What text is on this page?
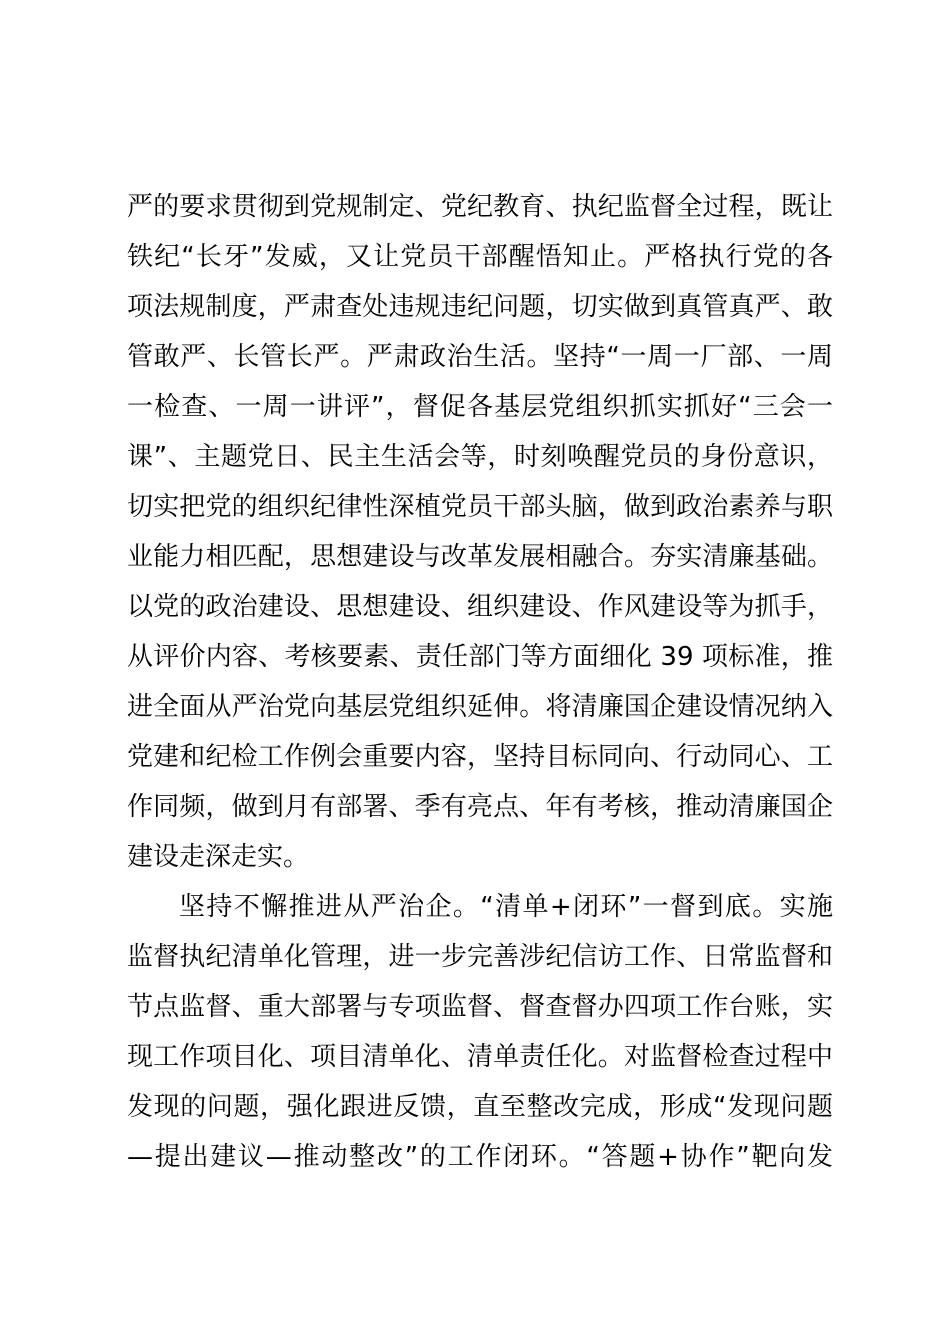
严的要求贯彻到党规制定、党纪教育、执纪监督全过程，既让
铁纪“长牙”发威，又让党员干部醒悟知止。严格执行党的各
项法规制度，严肃查处违规违纪问题，切实做到真管真严、敢
管敢严、长管长严。严肃政治生活。坚持“一周一厂部、一周
一检查、一周一讲评”，督促各基层党组织抓实抓好“三会一
课”、主题党日、民主生活会等，时刻唤醒党员的身份意识，
切实把党的组织纪律性深植党员干部头脑，做到政治素养与职
业能力相匹配，思想建设与改革发展相融合。夯实清廉基础。
以党的政治建设、思想建设、组织建设、作风建设等为抓手，
从评价内容、考核要素、责任部门等方面细化 39 项标准，推
进全面从严治党向基层党组织延伸。将清廉国企建设情况纳入
党建和纪检工作例会重要内容，坚持目标同向、行动同心、工
作同频，做到月有部署、季有亮点、年有考核，推动清廉国企
建设走深走实。
坚持不懈推进从严治企。“清单+闭环”一督到底。实施
监督执纪清单化管理，进一步完善涉纪信访工作、日常监督和
节点监督、重大部署与专项监督、督查督办四项工作台账，实
现工作项目化、项目清单化、清单责任化。对监督检查过程中
发现的问题，强化跟进反馈，直至整改完成，形成“发现问题
—提出建议—推动整改”的工作闭环。“答题+协作”靶向发
